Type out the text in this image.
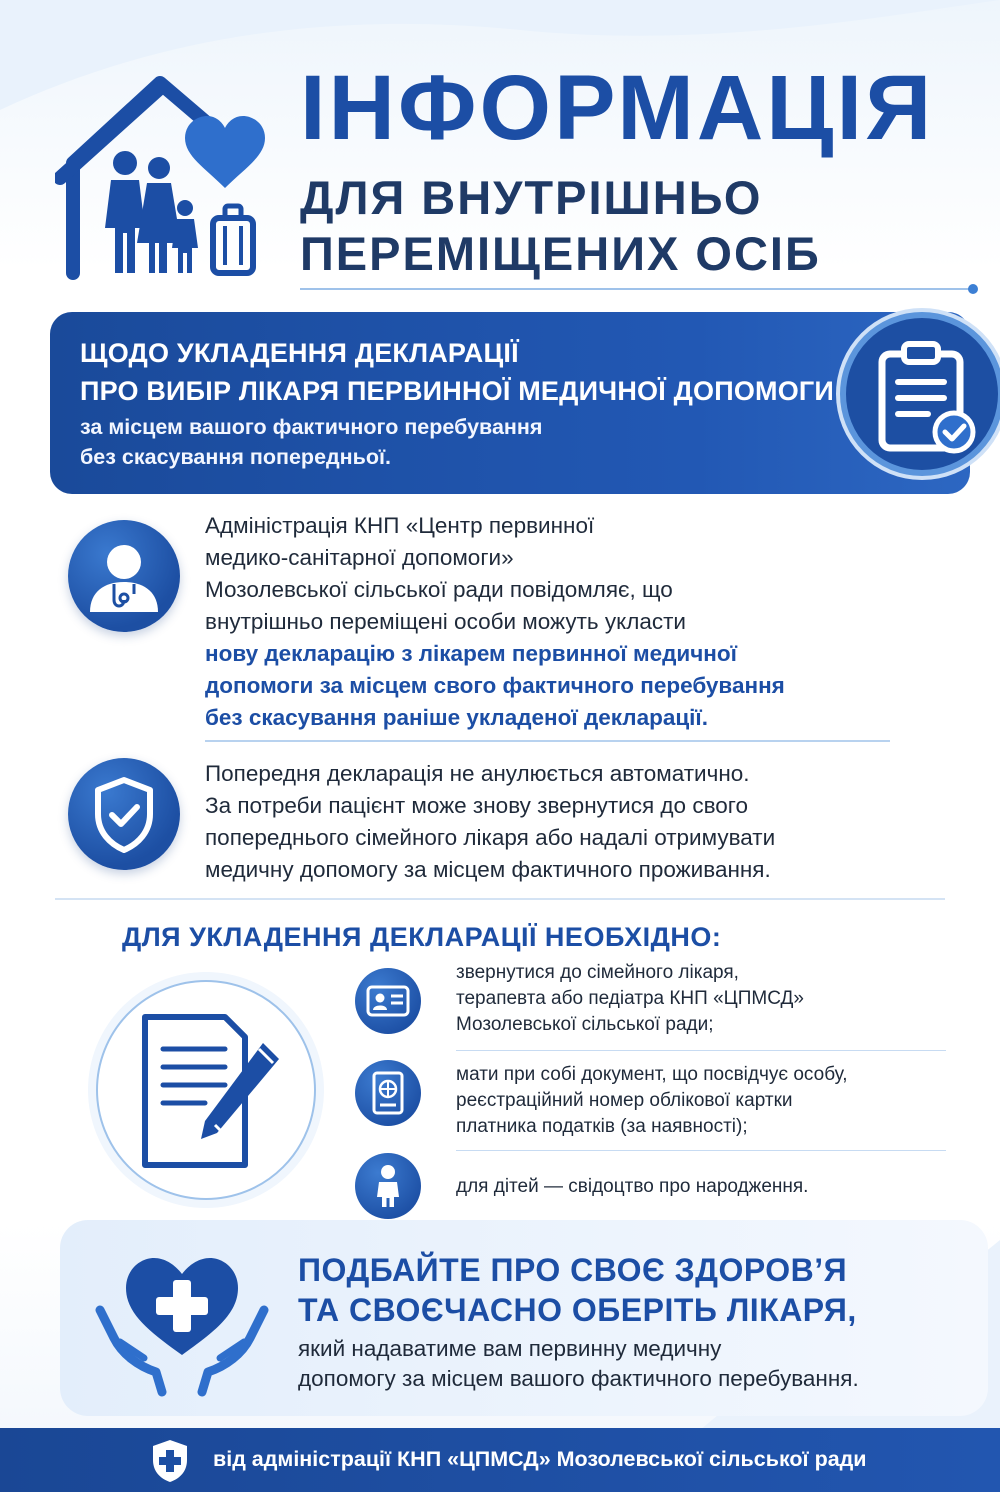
ІНФОРМАЦІЯ
ДЛЯ ВНУТРІШНЬО
ПЕРЕМІЩЕНИХ ОСІБ
ЩОДО УКЛАДЕННЯ ДЕКЛАРАЦІЇ
ПРО ВИБІР ЛІКАРЯ ПЕРВИННОЇ МЕДИЧНОЇ ДОПОМОГИ
за місцем вашого фактичного перебування
без скасування попередньої.
Адміністрація КНП «Центр первинної
медико-санітарної допомоги»
Мозолевської сільської ради повідомляє, що
внутрішньо переміщені особи можуть укласти
нову декларацію з лікарем первинної медичної
допомоги за місцем свого фактичного перебування
без скасування раніше укладеної декларації.
Попередня декларація не анулюється автоматично.
За потреби пацієнт може знову звернутися до свого
попереднього сімейного лікаря або надалі отримувати
медичну допомогу за місцем фактичного проживання.
ДЛЯ УКЛАДЕННЯ ДЕКЛАРАЦІЇ НЕОБХІДНО:
звернутися до сімейного лікаря,
терапевта або педіатра КНП «ЦПМСД»
Мозолевської сільської ради;
мати при собі документ, що посвідчує особу,
реєстраційний номер облікової картки
платника податків (за наявності);
для дітей — свідоцтво про народження.
ПОДБАЙТЕ ПРО СВОЄ ЗДОРОВ’Я
ТА СВОЄЧАСНО ОБЕРІТЬ ЛІКАРЯ,
який надаватиме вам первинну медичну
допомогу за місцем вашого фактичного перебування.
від адміністрації КНП «ЦПМСД» Мозолевської сільської ради
